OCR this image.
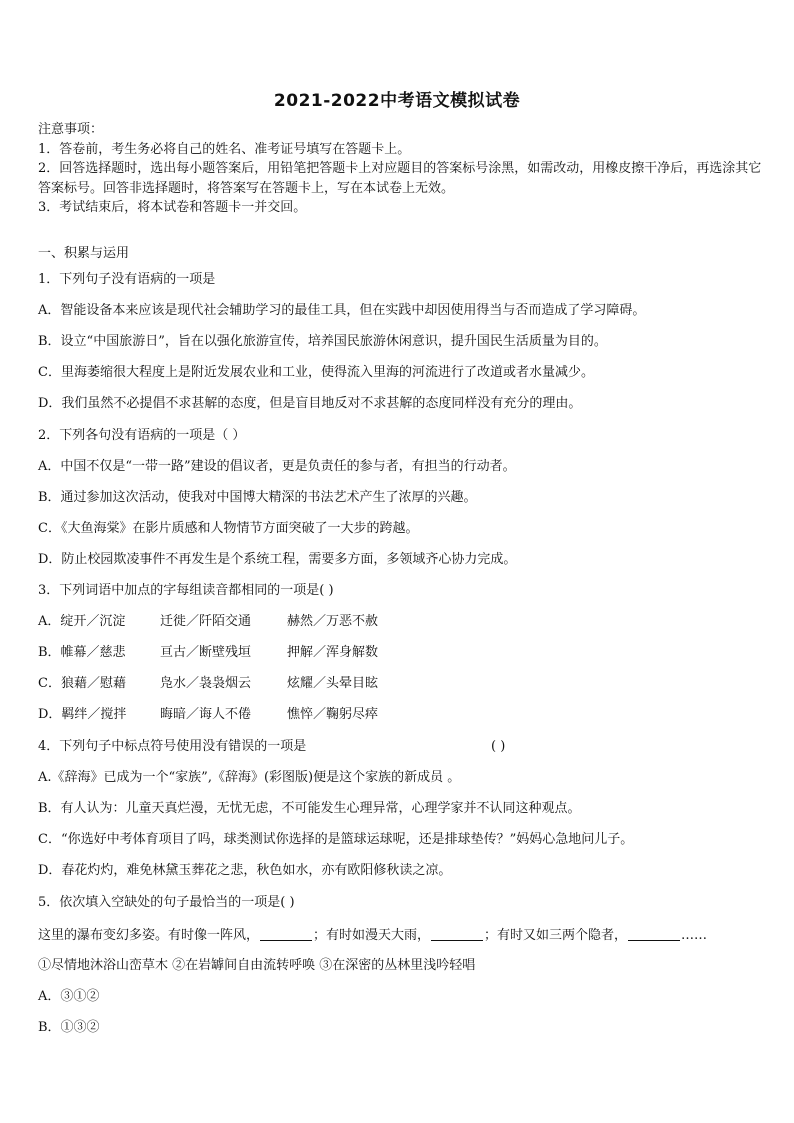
2021-2022中考语文模拟试卷

注意事项：

1．答卷前，考生务必将自己的姓名、准考证号填写在答题卡上。

2．回答选择题时，选出每小题答案后，用铅笔把答题卡上对应题目的答案标号涂黑，如需改动，用橡皮擦干净后，再选涂其它答案标号。回答非选择题时，将答案写在答题卡上，写在本试卷上无效。

3．考试结束后，将本试卷和答题卡一并交回。

一、积累与运用
1．下列句子没有语病的一项是
A．智能设备本来应该是现代社会辅助学习的最佳工具，但在实践中却因使用得当与否而造成了学习障碍。
B．设立“中国旅游日”，旨在以强化旅游宣传，培养国民旅游休闲意识，提升国民生活质量为目的。
C．里海萎缩很大程度上是附近发展农业和工业，使得流入里海的河流进行了改道或者水量减少。
D．我们虽然不必提倡不求甚解的态度，但是盲目地反对不求甚解的态度同样没有充分的理由。
2．下列各句没有语病的一项是（ ）
A．中国不仅是“一带一路”建设的倡议者，更是负责任的参与者，有担当的行动者。
B．通过参加这次活动，使我对中国博大精深的书法艺术产生了浓厚的兴趣。
C．《大鱼海棠》在影片质感和人物情节方面突破了一大步的跨越。
D．防止校园欺凌事件不再发生是个系统工程，需要多方面，多领域齐心协力完成。
3．下列词语中加点的字每组读音都相同的一项是( )
A．绽开／沉淀	迁徙／阡陌交通	赫然／万恶不赦
B．帷幕／慈悲	亘古／断壁残垣	押解／浑身解数
C．狼藉／慰藉	凫水／袅袅烟云	炫耀／头晕目眩
D．羁绊／搅拌	晦暗／诲人不倦	憔悴／鞠躬尽瘁
4．下列句子中标点符号使用没有错误的一项是	( )
A.《辞海》已成为一个“家族”,《辞海》(彩图版)便是这个家族的新成员 。
B．有人认为：儿童天真烂漫，无忧无虑，不可能发生心理异常，心理学家并不认同这种观点。
C．“你选好中考体育项目了吗，球类测试你选择的是篮球运球呢，还是排球垫传？”妈妈心急地问儿子。
D．春花灼灼，难免林黛玉葬花之悲，秋色如水，亦有欧阳修秋读之凉。
5．依次填入空缺处的句子最恰当的一项是( )
这里的瀑布变幻多姿。有时像一阵风，	；有时如漫天大雨，	；有时又如三两个隐者，	……
①尽情地沐浴山峦草木 ②在岩罅间自由流转呼唤 ③在深密的丛林里浅吟轻唱
A．③①②
B．①③②
